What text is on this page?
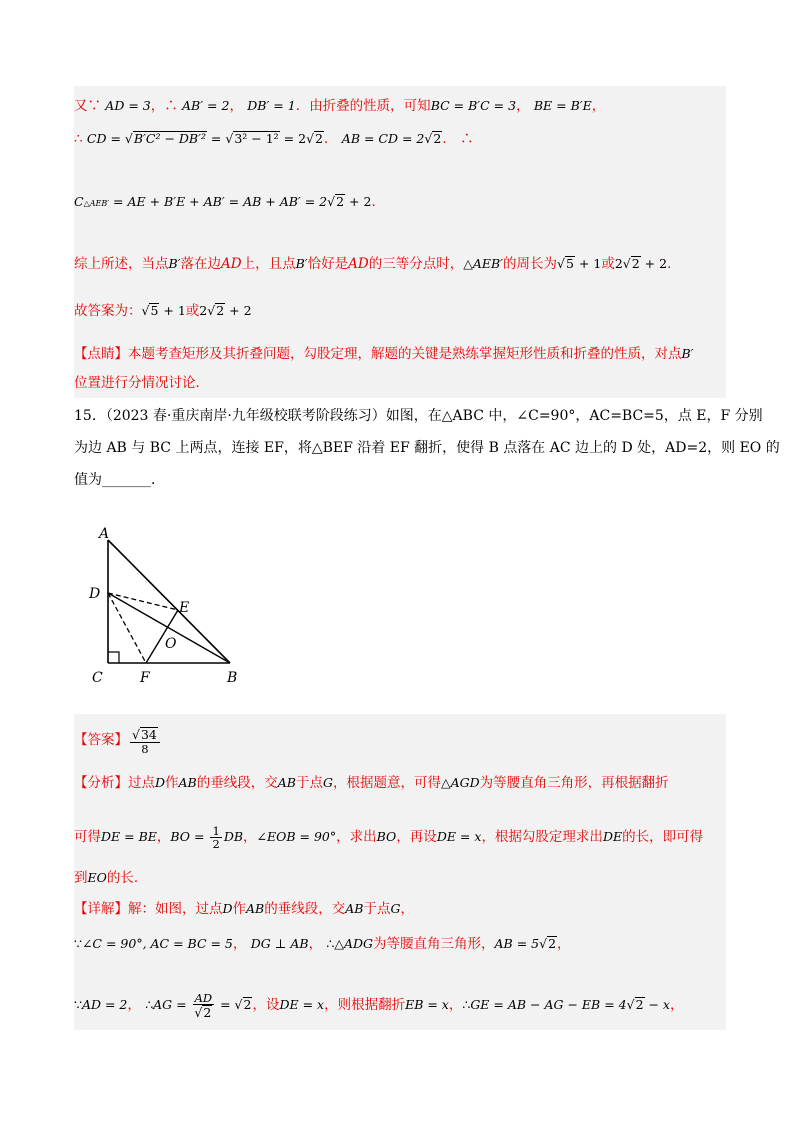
又∵ AD = 3，∴ AB′ = 2， DB′ = 1．由折叠的性质，可知BC = B′C = 3， BE = B′E，
∴ CD = √B′C² − DB′² = √3² − 1² = 2√2． AB = CD = 2√2． ∴
C△AEB′ = AE + B′E + AB′ = AB + AB′ = 2√2 + 2．
综上所述，当点B′落在边AD上，且点B′恰好是AD的三等分点时，△AEB′的周长为√5 + 1或2√2 + 2．
故答案为：√5 + 1或2√2 + 2
【点睛】本题考查矩形及其折叠问题，勾股定理，解题的关键是熟练掌握矩形性质和折叠的性质，对点B′
位置进行分情况讨论．
15．（2023 春·重庆南岸·九年级校联考阶段练习）如图，在△ABC 中，∠C=90°，AC=BC=5，点 E，F 分别
为边 AB 与 BC 上两点，连接 EF，将△BEF 沿着 EF 翻折，使得 B 点落在 AC 边上的 D 处，AD=2，则 EO 的
值为_______．
A
D
E
O
C	F	B
【答案】 $\frac{√34}{8}$
【分析】过点D作AB的垂线段，交AB于点G，根据题意，可得△AGD为等腰直角三角形，再根据翻折
可得DE = BE，BO = $\frac{1}{2}$ DB，∠EOB = 90°，求出BO，再设DE = x，根据勾股定理求出DE的长，即可得
到EO的长．
【详解】解：如图，过点D作AB的垂线段，交AB于点G，
∵∠C = 90°, AC = BC = 5， DG ⊥ AB， ∴△ADG为等腰直角三角形，AB = 5√2，
∵AD = 2， ∴AG = $\frac{AD}{√2} = √2$，设DE = x，则根据翻折EB = x，∴GE = AB − AG − EB = 4√2 − x，
